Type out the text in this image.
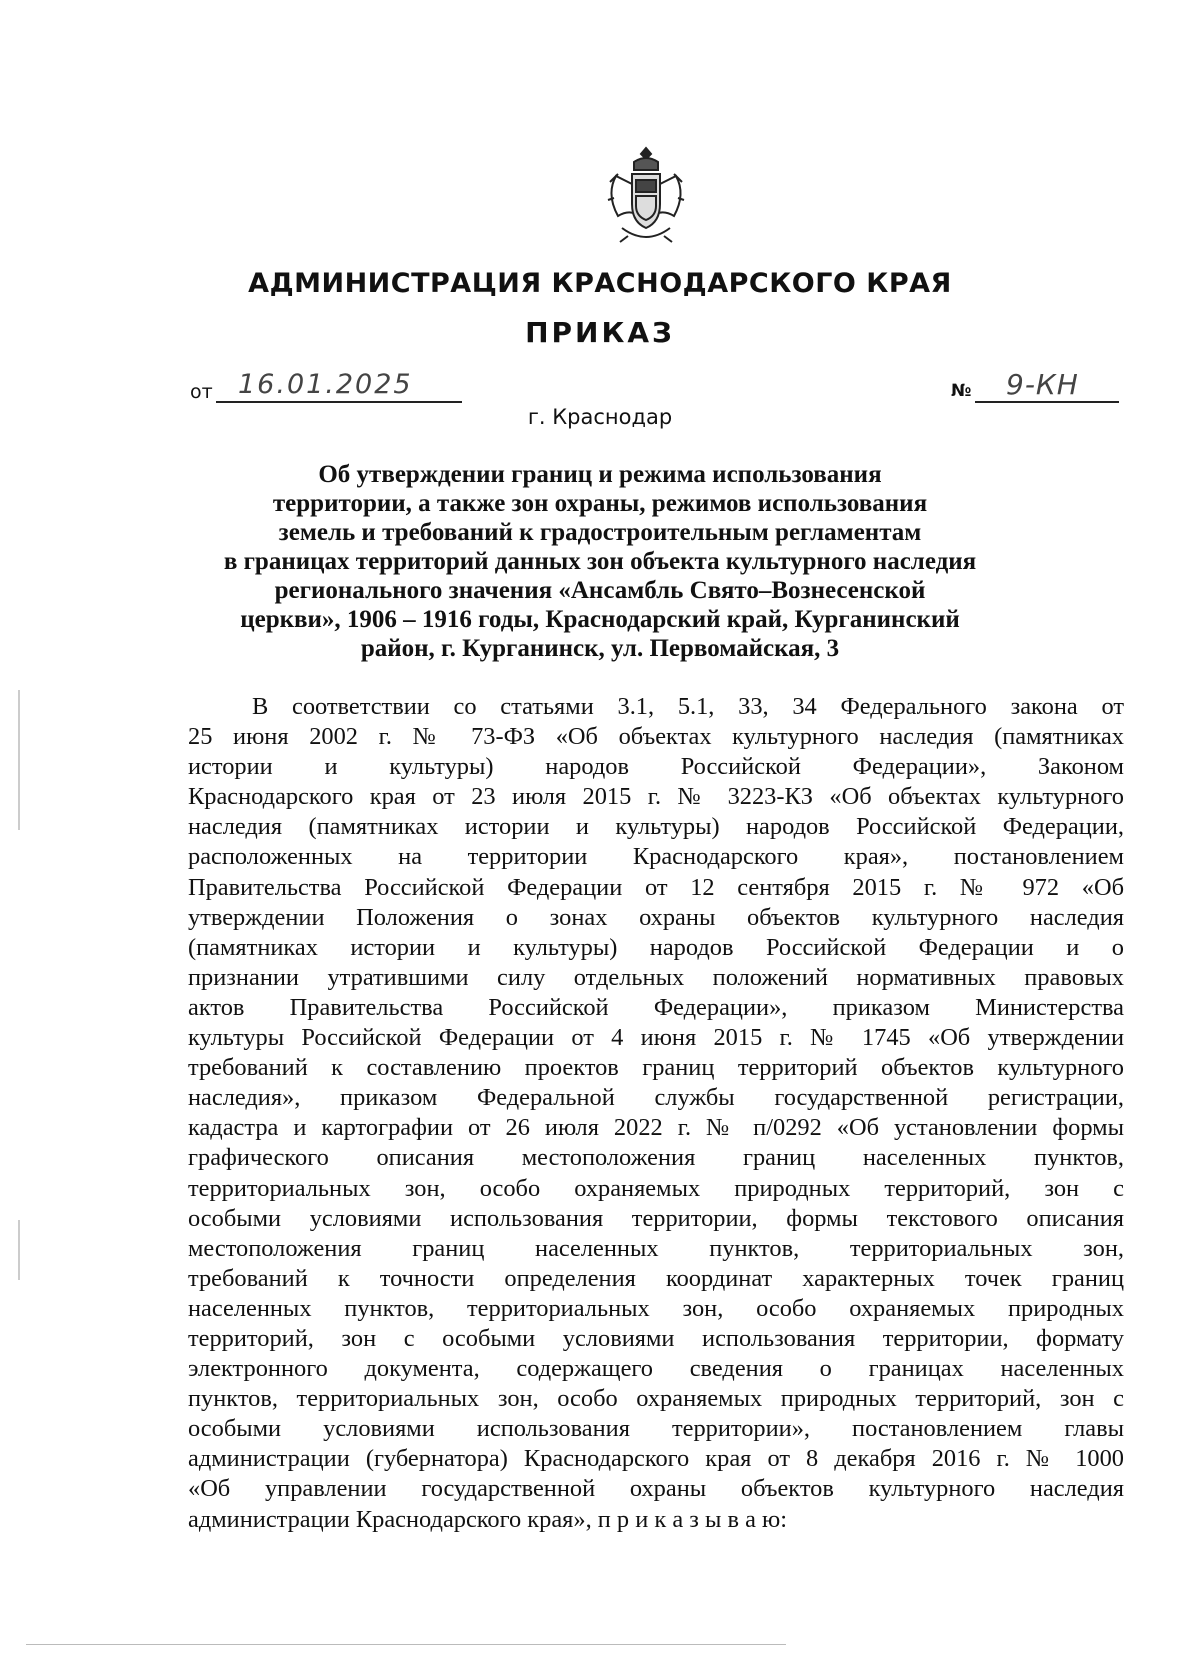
АДМИНИСТРАЦИЯ КРАСНОДАРСКОГО КРАЯ
ПРИКАЗ
от 16.01.2025	№ 9-КН
г. Краснодар
Об утверждении границ и режима использования
территории, а также зон охраны, режимов использования
земель и требований к градостроительным регламентам
в границах территорий данных зон объекта культурного наследия
регионального значения «Ансамбль Свято–Вознесенской
церкви», 1906 – 1916 годы, Краснодарский край, Курганинский
район, г. Курганинск, ул. Первомайская, 3
В соответствии со статьями 3.1, 5.1, 33, 34 Федерального закона от
25 июня 2002 г. № 73-ФЗ «Об объектах культурного наследия (памятниках
истории и культуры) народов Российской Федерации», Законом
Краснодарского края от 23 июля 2015 г. № 3223-КЗ «Об объектах культурного
наследия (памятниках истории и культуры) народов Российской Федерации,
расположенных на территории Краснодарского края», постановлением
Правительства Российской Федерации от 12 сентября 2015 г. № 972 «Об
утверждении Положения о зонах охраны объектов культурного наследия
(памятниках истории и культуры) народов Российской Федерации и о
признании утратившими силу отдельных положений нормативных правовых
актов Правительства Российской Федерации», приказом Министерства
культуры Российской Федерации от 4 июня 2015 г. № 1745 «Об утверждении
требований к составлению проектов границ территорий объектов культурного
наследия», приказом Федеральной службы государственной регистрации,
кадастра и картографии от 26 июля 2022 г. № п/0292 «Об установлении формы
графического описания местоположения границ населенных пунктов,
территориальных зон, особо охраняемых природных территорий, зон с
особыми условиями использования территории, формы текстового описания
местоположения границ населенных пунктов, территориальных зон,
требований к точности определения координат характерных точек границ
населенных пунктов, территориальных зон, особо охраняемых природных
территорий, зон с особыми условиями использования территории, формату
электронного документа, содержащего сведения о границах населенных
пунктов, территориальных зон, особо охраняемых природных территорий, зон с
особыми условиями использования территории», постановлением главы
администрации (губернатора) Краснодарского края от 8 декабря 2016 г. № 1000
«Об управлении государственной охраны объектов культурного наследия
администрации Краснодарского края», п р и к а з ы в а ю:
